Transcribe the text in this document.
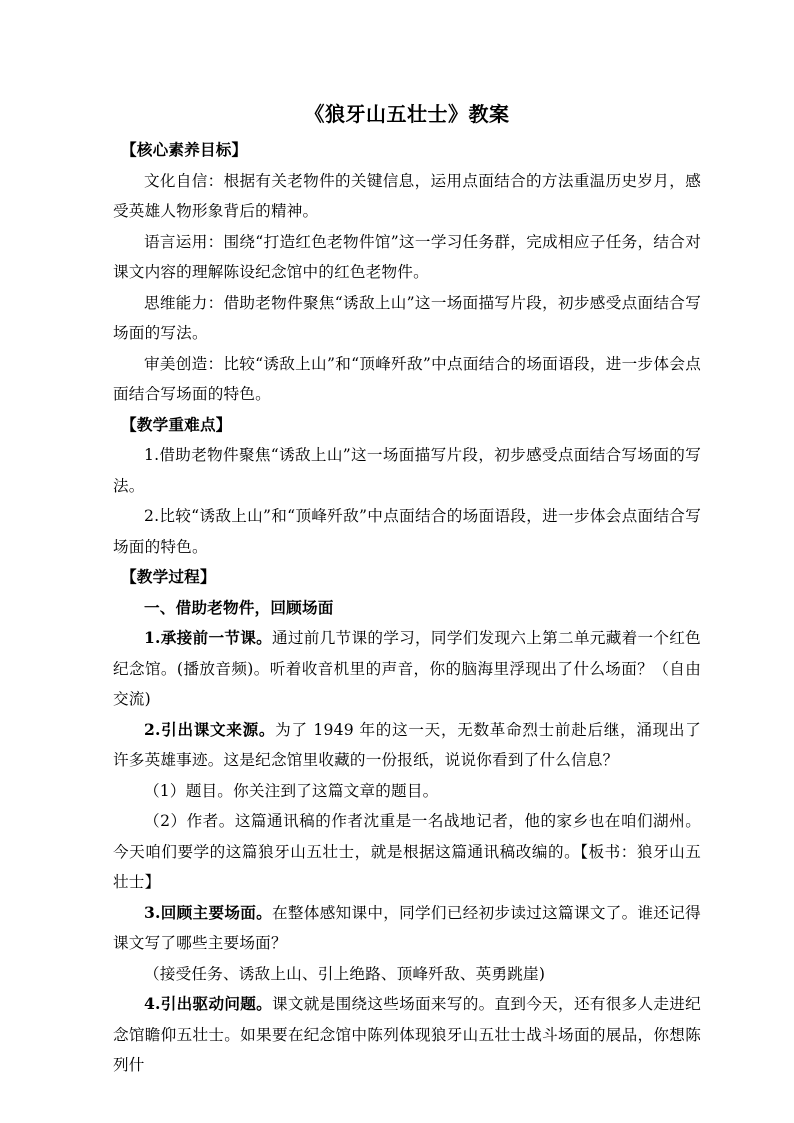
《狼牙山五壮士》教案

【核心素养目标】

文化自信：根据有关老物件的关键信息，运用点面结合的方法重温历史岁月，感受英雄人物形象背后的精神。

语言运用：围绕“打造红色老物件馆”这一学习任务群，完成相应子任务，结合对课文内容的理解陈设纪念馆中的红色老物件。

思维能力：借助老物件聚焦“诱敌上山”这一场面描写片段，初步感受点面结合写场面的写法。

审美创造：比较“诱敌上山”和“顶峰歼敌”中点面结合的场面语段，进一步体会点面结合写场面的特色。

【教学重难点】

1.借助老物件聚焦“诱敌上山”这一场面描写片段，初步感受点面结合写场面的写法。

2.比较“诱敌上山”和“顶峰歼敌”中点面结合的场面语段，进一步体会点面结合写场面的特色。

【教学过程】

一、借助老物件，回顾场面

1.承接前一节课。通过前几节课的学习，同学们发现六上第二单元藏着一个红色纪念馆。(播放音频)。听着收音机里的声音，你的脑海里浮现出了什么场面？（自由交流)

2.引出课文来源。为了 1949 年的这一天，无数革命烈士前赴后继，涌现出了许多英雄事迹。这是纪念馆里收藏的一份报纸，说说你看到了什么信息？

（1）题目。你关注到了这篇文章的题目。

（2）作者。这篇通讯稿的作者沈重是一名战地记者，他的家乡也在咱们湖州。今天咱们要学的这篇狼牙山五壮士，就是根据这篇通讯稿改编的。【板书：狼牙山五壮士】

3.回顾主要场面。在整体感知课中，同学们已经初步读过这篇课文了。谁还记得课文写了哪些主要场面？

（接受任务、诱敌上山、引上绝路、顶峰歼敌、英勇跳崖)

4.引出驱动问题。课文就是围绕这些场面来写的。直到今天，还有很多人走进纪念馆瞻仰五壮士。如果要在纪念馆中陈列体现狼牙山五壮士战斗场面的展品，你想陈列什
